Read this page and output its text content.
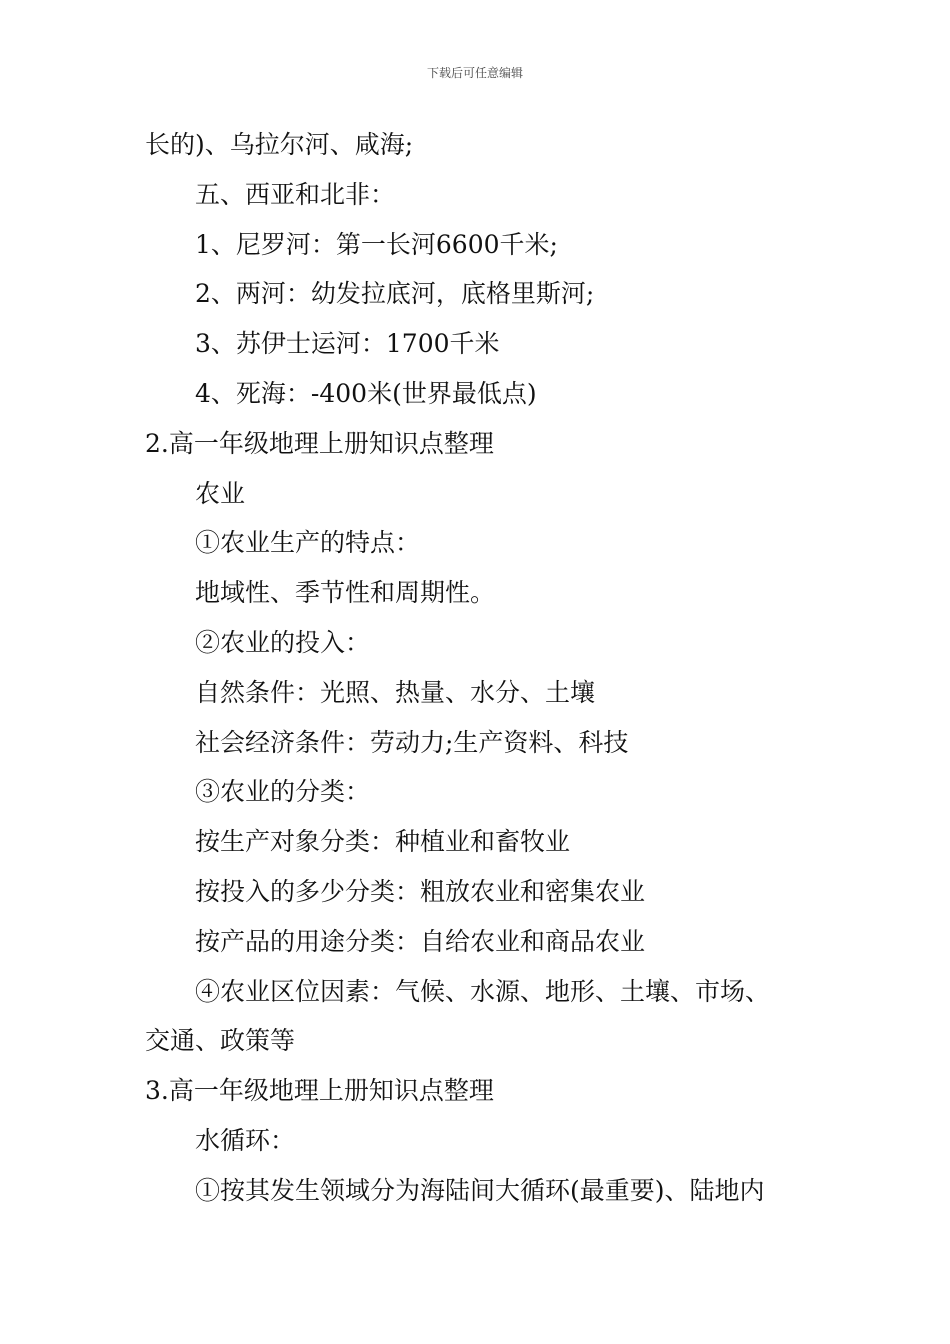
下载后可任意编辑
长的)、乌拉尔河、咸海;
五、西亚和北非：
1、尼罗河：第一长河6600千米;
2、两河：幼发拉底河，底格里斯河;
3、苏伊士运河：1700千米
4、死海：-400米(世界最低点)
2.高一年级地理上册知识点整理
农业
①农业生产的特点：
地域性、季节性和周期性。
②农业的投入：
自然条件：光照、热量、水分、土壤
社会经济条件：劳动力;生产资料、科技
③农业的分类：
按生产对象分类：种植业和畜牧业
按投入的多少分类：粗放农业和密集农业
按产品的用途分类：自给农业和商品农业
④农业区位因素：气候、水源、地形、土壤、市场、
交通、政策等
3.高一年级地理上册知识点整理
水循环：
①按其发生领域分为海陆间大循环(最重要)、陆地内
